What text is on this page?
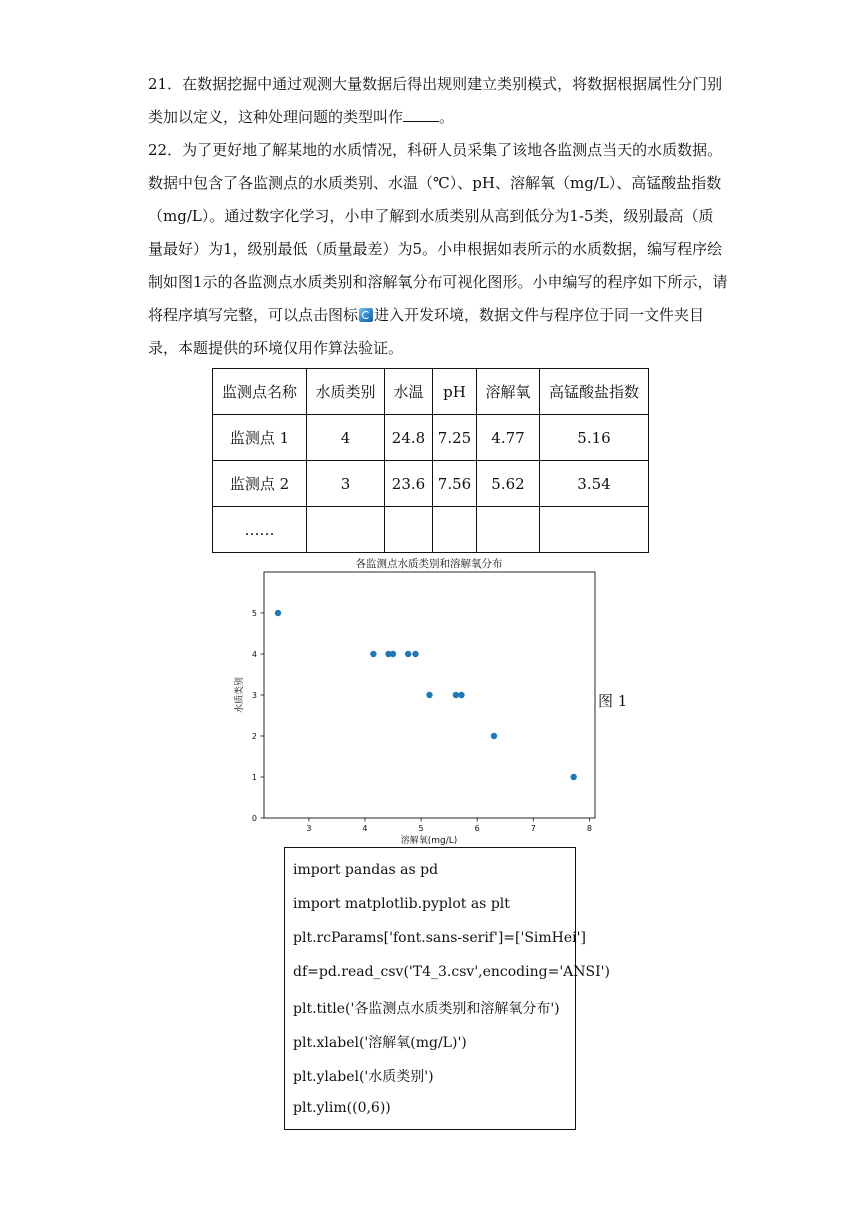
21．在数据挖掘中通过观测大量数据后得出规则建立类别模式，将数据根据属性分门别类加以定义，这种处理问题的类型叫作 。

22．为了更好地了解某地的水质情况，科研人员采集了该地各监测点当天的水质数据。数据中包含了各监测点的水质类别、水温（℃）、pH、溶解氧（mg/L）、高锰酸盐指数（mg/L）。通过数字化学习，小申了解到水质类别从高到低分为1-5类，级别最高（质量最好）为1，级别最低（质量最差）为5。小申根据如表所示的水质数据，编写程序绘制如图1示的各监测点水质类别和溶解氧分布可视化图形。小申编写的程序如下所示，请将程序填写完整，可以点击图标 进入开发环境，数据文件与程序位于同一文件夹目录，本题提供的环境仅用作算法验证。

监测点名称	水质类别	水温	pH	溶解氧	高锰酸盐指数
监测点 1	4	24.8	7.25	4.77	5.16
监测点 2	3	23.6	7.56	5.62	3.54
……					
各监测点水质类别和溶解氧分布
3	4	5	6	7	8
0
1
2
3
4
5
溶解氧(mg/L)
水质类别	图 1
import pandas as pd
import matplotlib.pyplot as plt
plt.rcParams['font.sans-serif']=['SimHei']
df=pd.read_csv('T4_3.csv',encoding='ANSI')
plt.title('各监测点水质类别和溶解氧分布')
plt.xlabel('溶解氧(mg/L)')
plt.ylabel('水质类别')
plt.ylim((0,6))
